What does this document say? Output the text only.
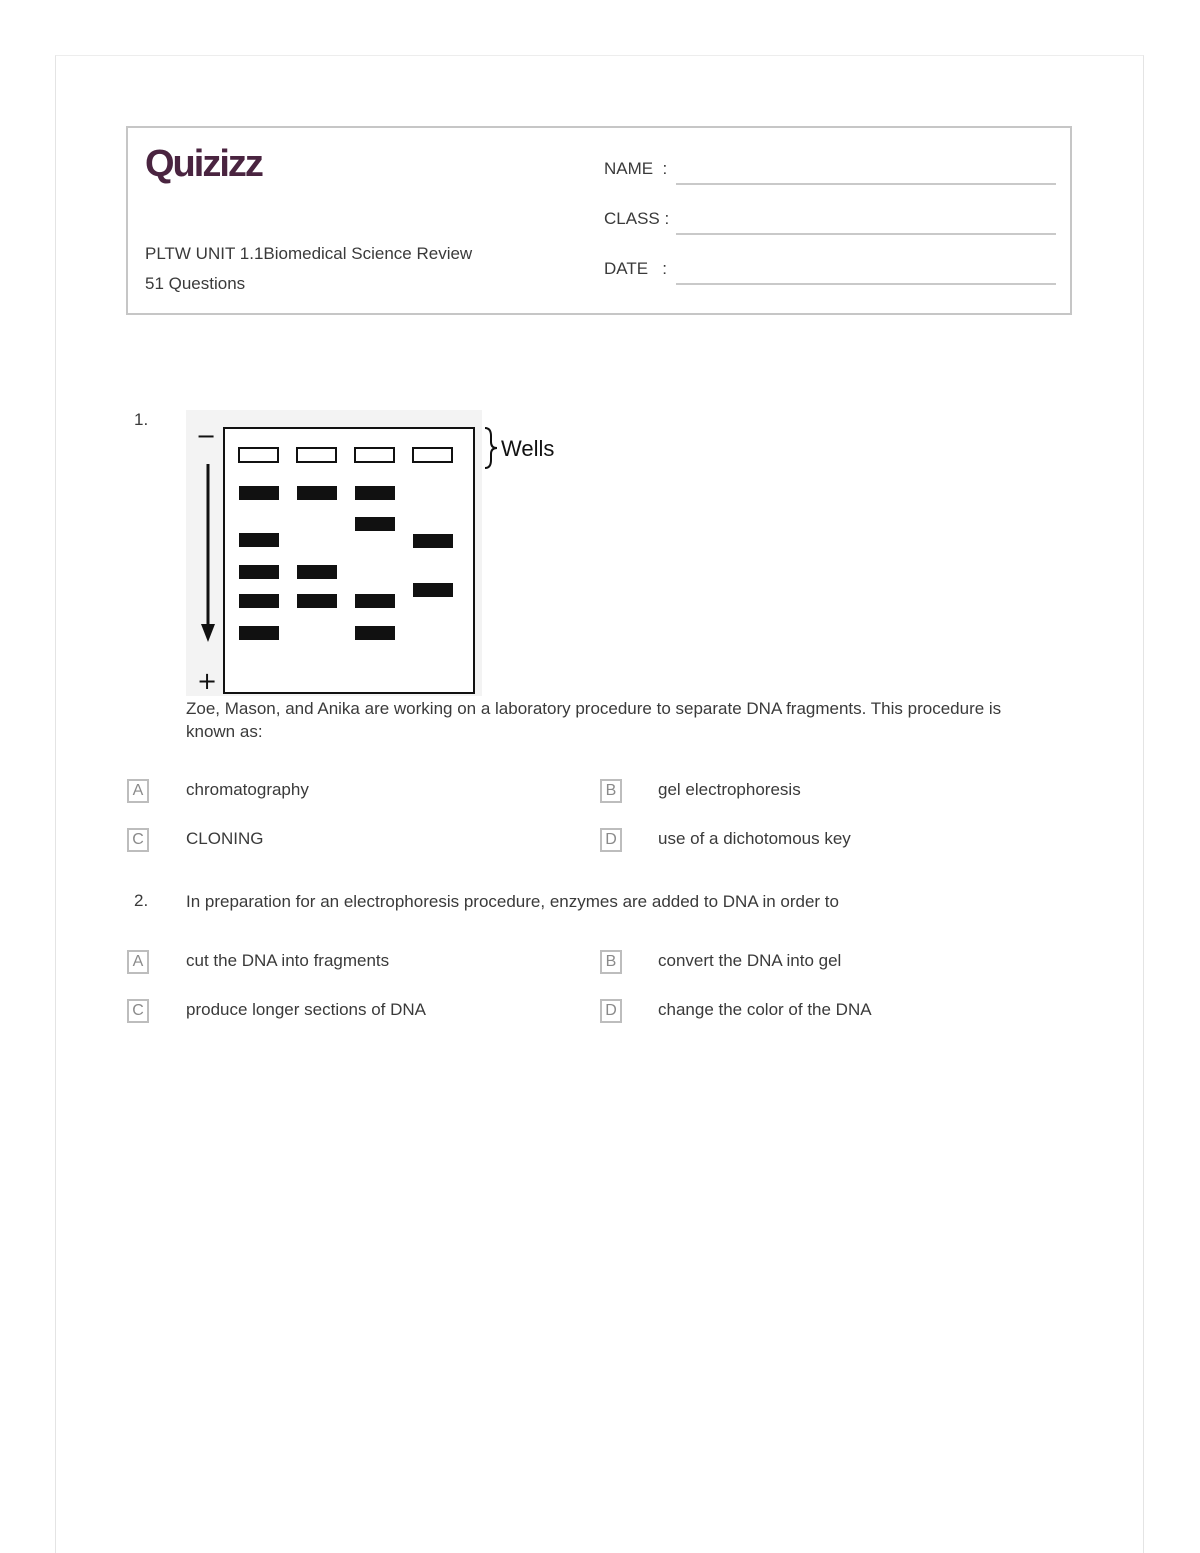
Quizizz
PLTW UNIT 1.1Biomedical Science Review
51 Questions
NAME  :
CLASS :
DATE   :
1.
−
+
Wells
Zoe, Mason, and Anika are working on a laboratory procedure to separate DNA fragments. This procedure is known as:
A	chromatography	B	gel electrophoresis
C	CLONING	D	use of a dichotomous key
2. In preparation for an electrophoresis procedure, enzymes are added to DNA in order to
A	cut the DNA into fragments	B	convert the DNA into gel
C	produce longer sections of DNA	D	change the color of the DNA
